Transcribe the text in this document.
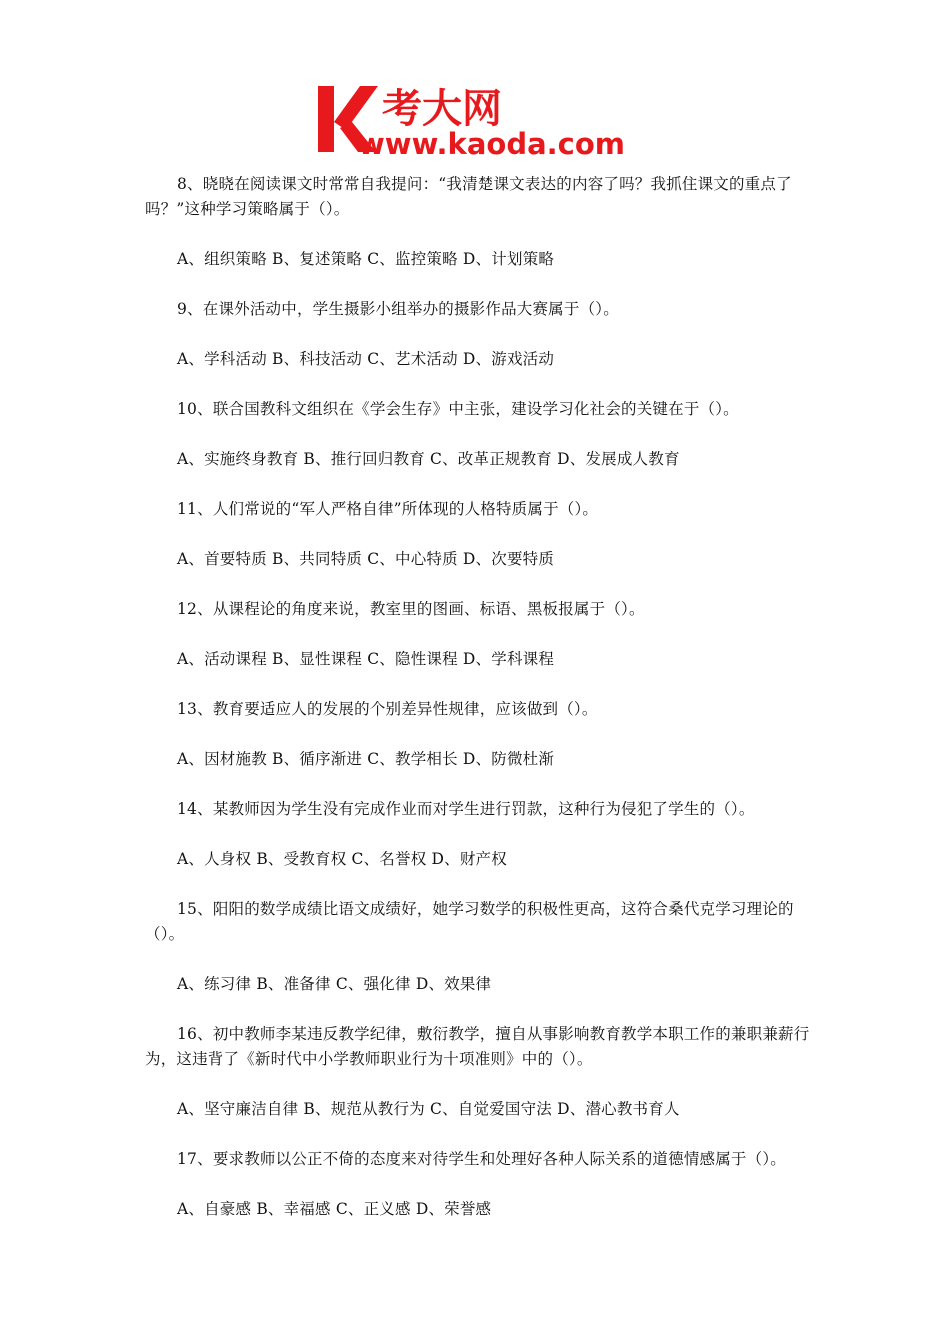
考大网
www.kaoda.com

8、晓晓在阅读课文时常常自我提问：“我清楚课文表达的内容了吗？我抓住课文的重点了吗？”这种学习策略属于（）。

A、组织策略 B、复述策略 C、监控策略 D、计划策略

9、在课外活动中，学生摄影小组举办的摄影作品大赛属于（）。

A、学科活动 B、科技活动 C、艺术活动 D、游戏活动

10、联合国教科文组织在《学会生存》中主张，建设学习化社会的关键在于（）。

A、实施终身教育 B、推行回归教育 C、改革正规教育 D、发展成人教育

11、人们常说的“军人严格自律”所体现的人格特质属于（）。

A、首要特质 B、共同特质 C、中心特质 D、次要特质

12、从课程论的角度来说，教室里的图画、标语、黑板报属于（）。

A、活动课程 B、显性课程 C、隐性课程 D、学科课程

13、教育要适应人的发展的个别差异性规律，应该做到（）。

A、因材施教 B、循序渐进 C、教学相长 D、防微杜渐

14、某教师因为学生没有完成作业而对学生进行罚款，这种行为侵犯了学生的（）。

A、人身权 B、受教育权 C、名誉权 D、财产权

15、阳阳的数学成绩比语文成绩好，她学习数学的积极性更高，这符合桑代克学习理论的（）。

A、练习律 B、准备律 C、强化律 D、效果律

16、初中教师李某违反教学纪律，敷衍教学，擅自从事影响教育教学本职工作的兼职兼薪行为，这违背了《新时代中小学教师职业行为十项准则》中的（）。

A、坚守廉洁自律 B、规范从教行为 C、自觉爱国守法 D、潜心教书育人

17、要求教师以公正不倚的态度来对待学生和处理好各种人际关系的道德情感属于（）。

A、自豪感 B、幸福感 C、正义感 D、荣誉感
